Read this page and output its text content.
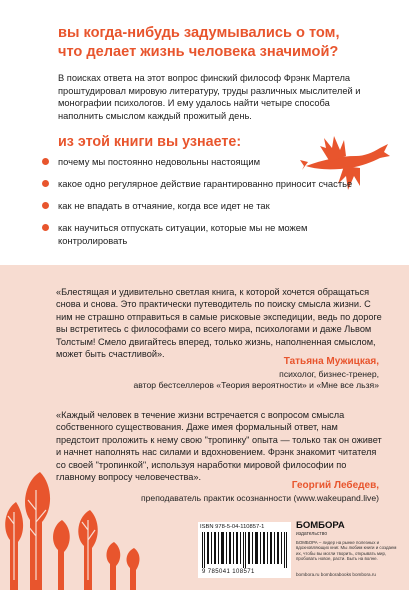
вы когда-нибудь задумывались о том,
что делает жизнь человека значимой?
В поисках ответа на этот вопрос финский философ Фрэнк Мартела проштудировал мировую литературу, труды различных мыслителей и монографии психологов. И ему удалось найти четыре способа наполнить смыслом каждый прожитый день.
из этой книги вы узнаете:
почему мы постоянно недовольны настоящим
какое одно регулярное действие гарантированно приносит счастье
как не впадать в отчаяние, когда все идет не так
как научиться отпускать ситуации, которые мы не можем контролировать
«Блестящая и удивительно светлая книга, к которой хочется обращаться снова и снова. Это практически путеводитель по поиску смысла жизни. С ним не страшно отправиться в самые рисковые экспедиции, ведь по дороге вы встретитесь с философами со всего мира, психологами и даже Львом Толстым! Смело двигайтесь вперед, только жизнь, наполненная смыслом, может быть счастливой».
Татьяна Мужицкая,
психолог, бизнес-тренер,
автор бестселлеров «Теория вероятности» и «Мне все льзя»
«Каждый человек в течение жизни встречается с вопросом смысла собственного существования. Даже имея формальный ответ, нам предстоит проложить к нему свою "тропинку" опыта — только так он оживет и начнет наполнять нас силами и вдохновением. Фрэнк знакомит читателя со своей "тропинкой", используя наработки мировой философии по главному вопросу человечества».
Георгий Лебедев,
преподаватель практик осознанности (www.wakeupand.live)
ISBN 978-5-04-110857-1
9 785041 108571
БОМБОРА
издательство
БОМБОРА – лидер на рынке полезных и вдохновляющих книг. Мы любим книги и создаем их, чтобы вы могли творить, открывать мир, пробовать новое, расти. Быть на волне.
bombora.ru bomborabooks bombora.ru
